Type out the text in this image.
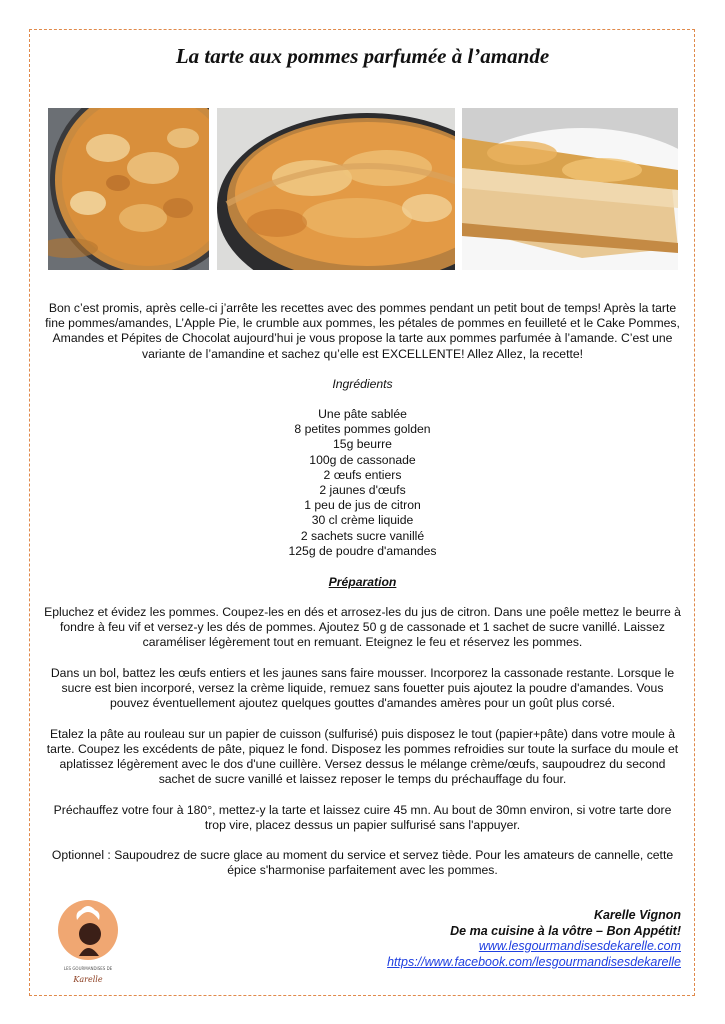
La tarte aux pommes parfumée à l’amande
Bon c’est promis, après celle-ci j’arrête les recettes avec des pommes pendant un petit bout de temps! Après la tarte fine pommes/amandes, L’Apple Pie, le crumble aux pommes, les pétales de pommes en feuilleté et le Cake Pommes, Amandes et Pépites de Chocolat aujourd’hui je vous propose la tarte aux pommes parfumée à l’amande. C’est une variante de l’amandine et sachez qu’elle est EXCELLENTE! Allez Allez, la recette!
Ingrédients
Une pâte sablée
8 petites pommes golden
15g beurre
100g de cassonade
2 œufs entiers
2 jaunes d'œufs
1 peu de jus de citron
30 cl crème liquide
2 sachets sucre vanillé
125g de poudre d'amandes
Préparation

Epluchez et évidez les pommes. Coupez-les en dés et arrosez-les du jus de citron. Dans une poêle mettez le beurre à fondre à feu vif et versez-y les dés de pommes. Ajoutez 50 g de cassonade et 1 sachet de sucre vanillé. Laissez caraméliser légèrement tout en remuant. Eteignez le feu et réservez les pommes.

Dans un bol, battez les œufs entiers et les jaunes sans faire mousser. Incorporez la cassonade restante. Lorsque le sucre est bien incorporé, versez la crème liquide, remuez sans fouetter puis ajoutez la poudre d'amandes. Vous pouvez éventuellement ajoutez quelques gouttes d'amandes amères pour un goût plus corsé.

Etalez la pâte au rouleau sur un papier de cuisson (sulfurisé) puis disposez le tout (papier+pâte) dans votre moule à tarte. Coupez les excédents de pâte, piquez le fond. Disposez les pommes refroidies sur toute la surface du moule et aplatissez légèrement avec le dos d'une cuillère. Versez dessus le mélange crème/œufs, saupoudrez du second sachet de sucre vanillé et laissez reposer le temps du préchauffage du four.

Préchauffez votre four à 180°, mettez-y la tarte et laissez cuire 45 mn. Au bout de 30mn environ, si votre tarte dore trop vire, placez dessus un papier sulfurisé sans l'appuyer.

Optionnel : Saupoudrez de sucre glace au moment du service et servez tiède. Pour les amateurs de cannelle, cette épice s'harmonise parfaitement avec les pommes.

LES GOURMANDISES DE
Karelle
Karelle Vignon
De ma cuisine à la vôtre – Bon Appétit!
www.lesgourmandisesdekarelle.com
https://www.facebook.com/lesgourmandisesdekarelle
